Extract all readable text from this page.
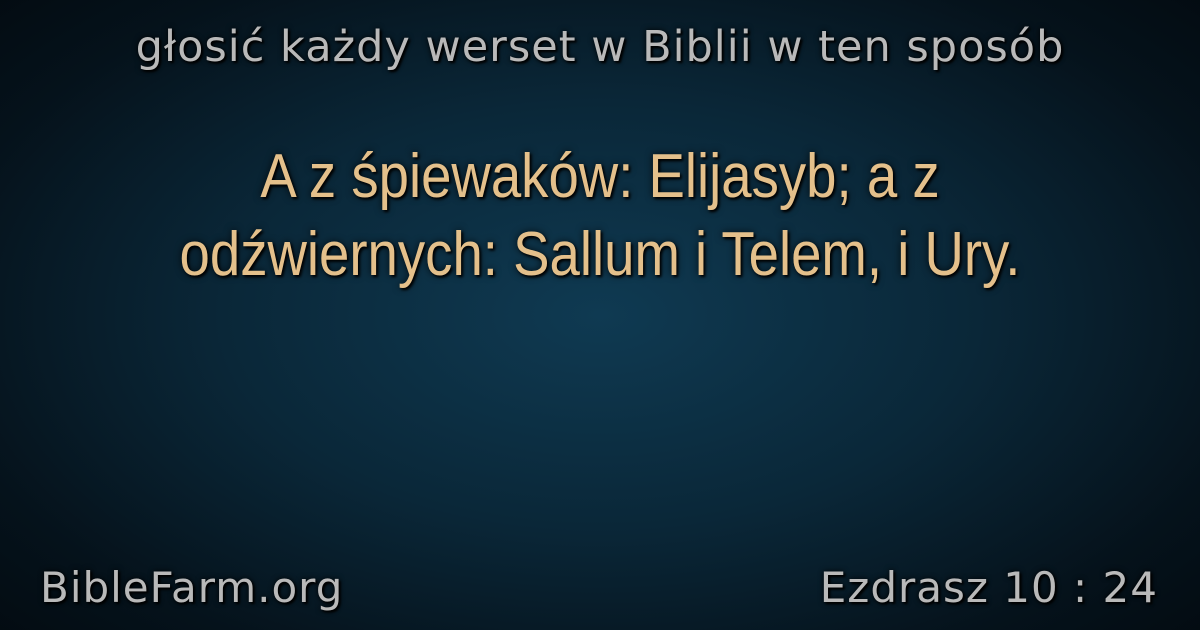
głosić każdy werset w Biblii w ten sposób
A z śpiewaków: Elijasyb; a z odźwiernych: Sallum i Telem, i Ury.
BibleFarm.org	Ezdrasz 10 : 24
